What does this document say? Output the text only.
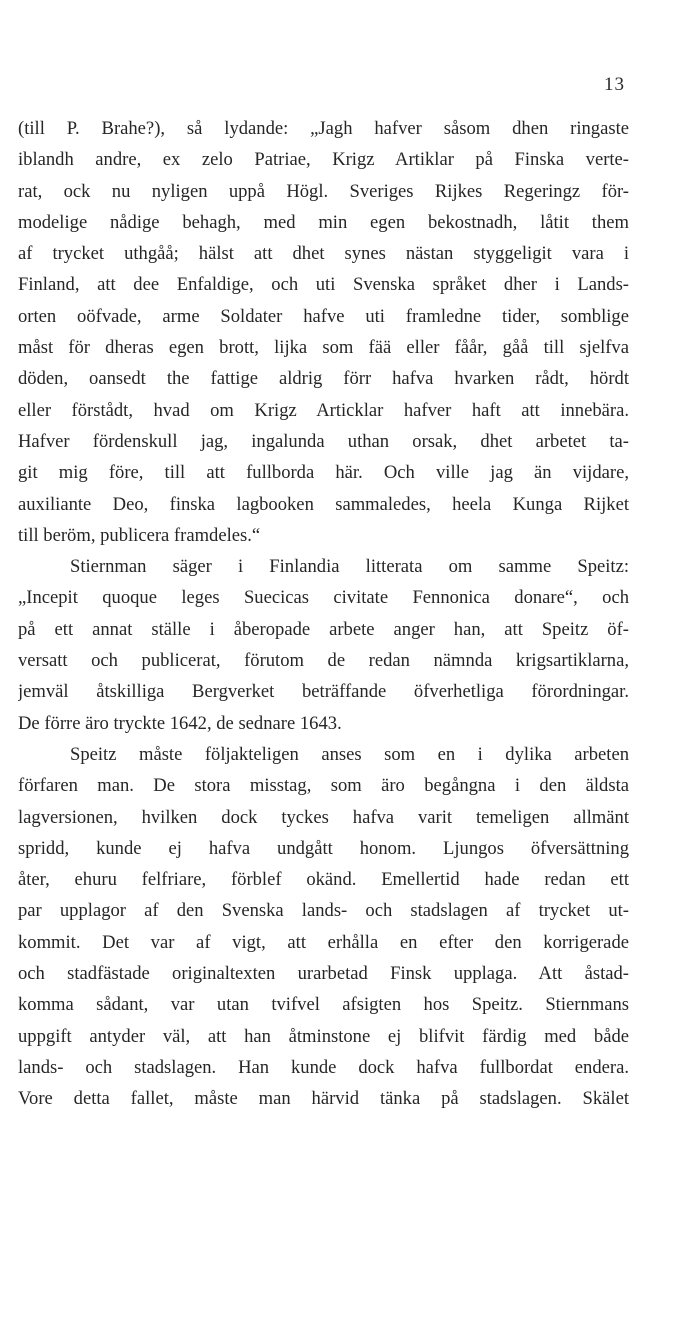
13
(till P. Brahe?), så lydande: „Jagh hafver såsom dhen ringaste
iblandh andre, ex zelo Patriae, Krigz Artiklar på Finska verte-
rat, ock nu nyligen uppå Högl. Sveriges Rijkes Regeringz för-
modelige nådige behagh, med min egen bekostnadh, låtit them
af trycket uthgåå; hälst att dhet synes nästan styggeligit vara i
Finland, att dee Enfaldige, och uti Svenska språket dher i Lands-
orten oöfvade, arme Soldater hafve uti framledne tider, somblige
måst för dheras egen brott, lijka som fää eller fåår, gåå till sjelfva
döden, oansedt the fattige aldrig förr hafva hvarken rådt, hördt
eller förstådt, hvad om Krigz Articklar hafver haft att innebära.
Hafver fördenskull jag, ingalunda uthan orsak, dhet arbetet ta-
git mig före, till att fullborda här. Och ville jag än vijdare,
auxiliante Deo, finska lagbooken sammaledes, heela Kunga Rijket
till beröm, publicera framdeles.“
Stiernman säger i Finlandia litterata om samme Speitz:
„Incepit quoque leges Suecicas civitate Fennonica donare“, och
på ett annat ställe i åberopade arbete anger han, att Speitz öf-
versatt och publicerat, förutom de redan nämnda krigsartiklarna,
jemväl åtskilliga Bergverket beträffande öfverhetliga förordningar.
De förre äro tryckte 1642, de sednare 1643.
Speitz måste följakteligen anses som en i dylika arbeten
förfaren man. De stora misstag, som äro begångna i den äldsta
lagversionen, hvilken dock tyckes hafva varit temeligen allmänt
spridd, kunde ej hafva undgått honom. Ljungos öfversättning
åter, ehuru felfriare, förblef okänd. Emellertid hade redan ett
par upplagor af den Svenska lands- och stadslagen af trycket ut-
kommit. Det var af vigt, att erhålla en efter den korrigerade
och stadfästade originaltexten urarbetad Finsk upplaga. Att åstad-
komma sådant, var utan tvifvel afsigten hos Speitz. Stiernmans
uppgift antyder väl, att han åtminstone ej blifvit färdig med både
lands- och stadslagen. Han kunde dock hafva fullbordat endera.
Vore detta fallet, måste man härvid tänka på stadslagen. Skälet
